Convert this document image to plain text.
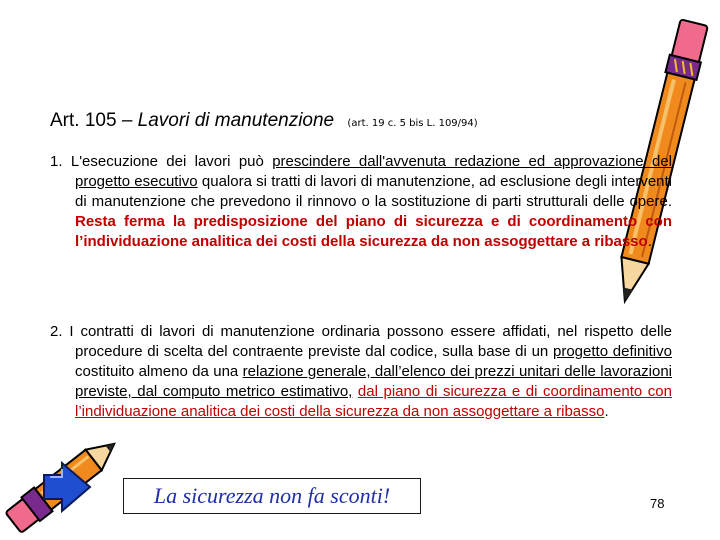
Art. 105 – Lavori di manutenzione (art. 19 c. 5 bis L. 109/94)
1. L'esecuzione dei lavori può prescindere dall'avvenuta redazione ed approvazione del progetto esecutivo qualora si tratti di lavori di manutenzione, ad esclusione degli interventi di manutenzione che prevedono il rinnovo o la sostituzione di parti strutturali delle opere. Resta ferma la predisposizione del piano di sicurezza e di coordinamento con l’individuazione analitica dei costi della sicurezza da non assoggettare a ribasso.
2. I contratti di lavori di manutenzione ordinaria possono essere affidati, nel rispetto delle procedure di scelta del contraente previste dal codice, sulla base di un progetto definitivo costituito almeno da una relazione generale, dall’elenco dei prezzi unitari delle lavorazioni previste, dal computo metrico estimativo, dal piano di sicurezza e di coordinamento con l’individuazione analitica dei costi della sicurezza da non assoggettare a ribasso.
La sicurezza non fa sconti!	78
